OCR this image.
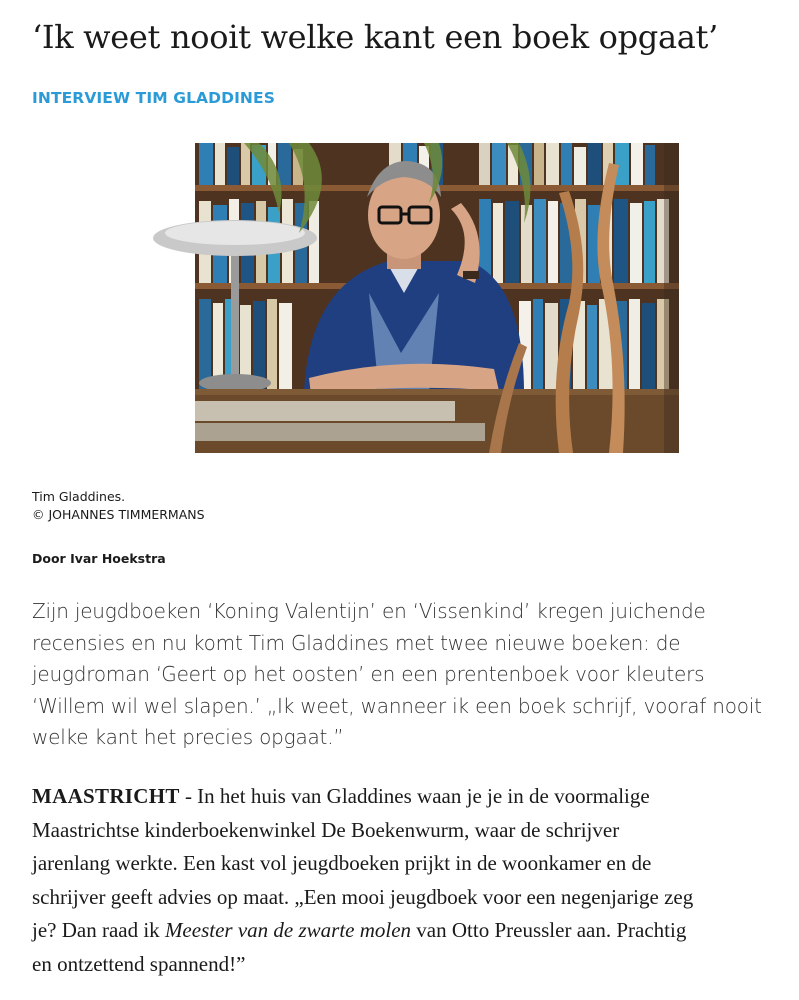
‘Ik weet nooit welke kant een boek opgaat’
INTERVIEW TIM GLADDINES
Tim Gladdines.
© JOHANNES TIMMERMANS
Door Ivar Hoekstra

Zijn jeugdboeken ‘Koning Valentijn’ en ‘Vissenkind’ kregen juichende
recensies en nu komt Tim Gladdines met twee nieuwe boeken: de
jeugdroman ‘Geert op het oosten’ en een prentenboek voor kleuters
‘Willem wil wel slapen.’ „Ik weet, wanneer ik een boek schrijf, vooraf nooit
welke kant het precies opgaat.”

MAASTRICHT - In het huis van Gladdines waan je je in de voormalige
Maastrichtse kinderboekenwinkel De Boekenwurm, waar de schrijver
jarenlang werkte. Een kast vol jeugdboeken prijkt in de woonkamer en de
schrijver geeft advies op maat. „Een mooi jeugdboek voor een negenjarige zeg
je? Dan raad ik Meester van de zwarte molen van Otto Preussler aan. Prachtig
en ontzettend spannend!”
